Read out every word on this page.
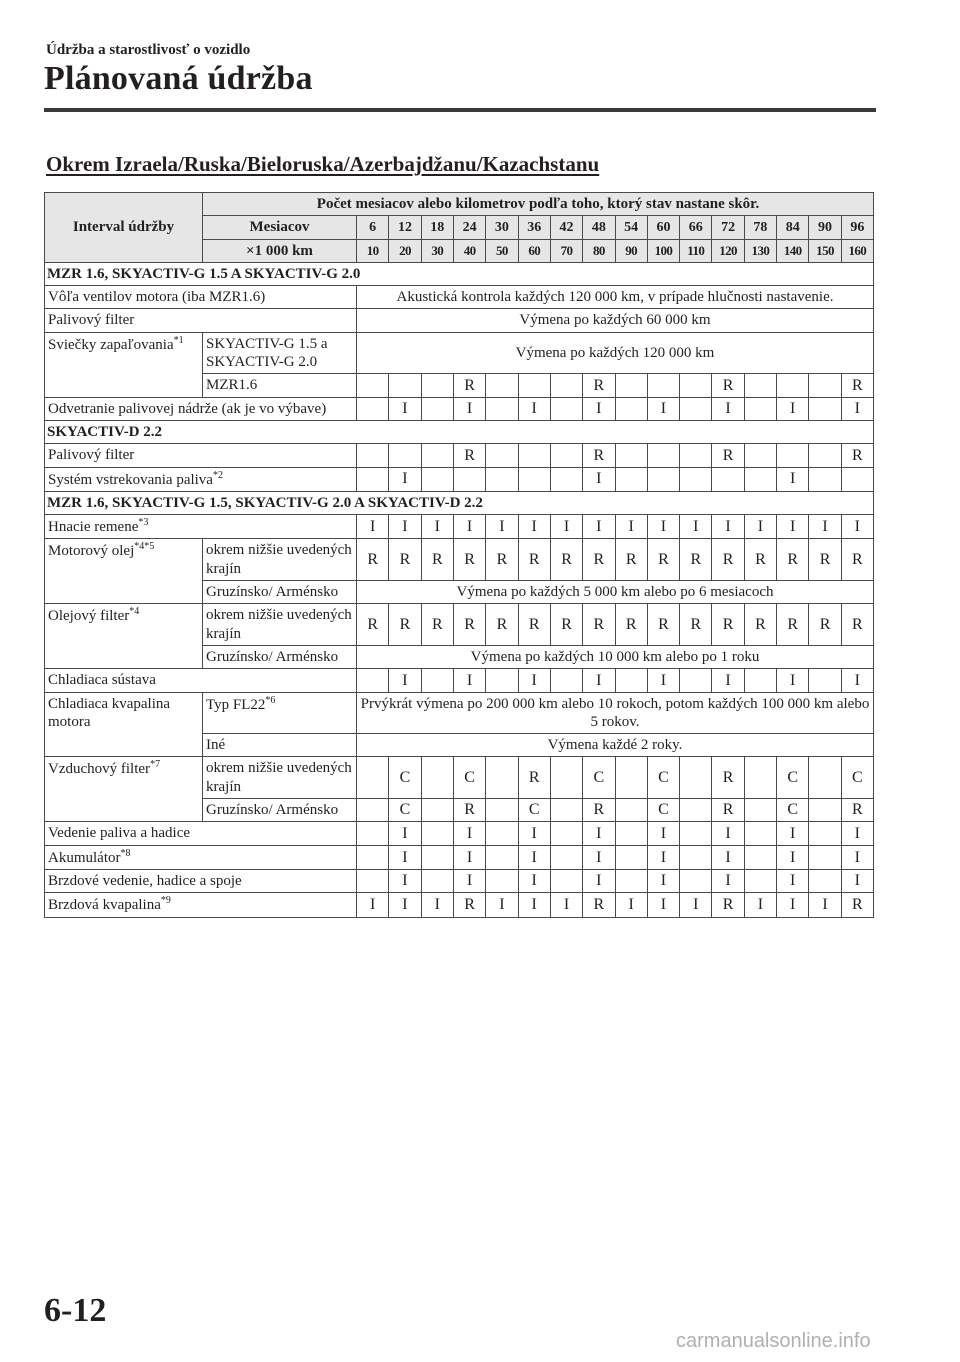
Údržba a starostlivosť o vozidlo
Plánovaná údržba
Okrem Izraela/Ruska/Bieloruska/Azerbajdžanu/Kazachstanu
Interval údržby	Počet mesiacov alebo kilometrov podľa toho, ktorý stav nastane skôr.																
	Mesiacov	6	12	18	24	30	36	42	48	54	60	66	72	78	84	90	96
	×1 000 km	10	20	30	40	50	60	70	80	90	100	110	120	130	140	150	160
MZR 1.6, SKYACTIV-G 1.5 A SKYACTIV-G 2.0																	
Vôľa ventilov motora (iba MZR1.6)		Akustická kontrola každých 120 000 km, v prípade hlučnosti nastavenie.															
Palivový filter		Výmena po každých 60 000 km															
Sviečky zapaľovania$^{*1}$	SKYACTIV-G 1.5 a SKYACTIV-G 2.0	Výmena po každých 120 000 km															
	MZR1.6				R				R				R				R
Odvetranie palivovej nádrže (ak je vo výbave)			I		I		I		I		I		I		I		I
SKYACTIV-D 2.2																	
Palivový filter					R				R				R				R
Systém vstrekovania paliva$^{*2}$			I						I						I		
MZR 1.6, SKYACTIV-G 1.5, SKYACTIV-G 2.0 A SKYACTIV-D 2.2																	
Hnacie remene$^{*3}$		I	I	I	I	I	I	I	I	I	I	I	I	I	I	I	I
Motorový olej$^{*4*5}$	okrem nižšie uvedených krajín	R	R	R	R	R	R	R	R	R	R	R	R	R	R	R	R
	Gruzínsko/ Arménsko	Výmena po každých 5 000 km alebo po 6 mesiacoch															
Olejový filter$^{*4}$	okrem nižšie uvedených krajín	R	R	R	R	R	R	R	R	R	R	R	R	R	R	R	R
	Gruzínsko/ Arménsko	Výmena po každých 10 000 km alebo po 1 roku															
Chladiaca sústava			I		I		I		I		I		I		I		I
Chladiaca kvapalina motora	Typ FL22$^{*6}$	Prvýkrát výmena po 200 000 km alebo 10 rokoch, potom každých 100 000 km alebo 5 rokov.															
	Iné	Výmena každé 2 roky.															
Vzduchový filter$^{*7}$	okrem nižšie uvedených krajín		C		C		R		C		C		R		C		C
	Gruzínsko/ Arménsko		C		R		C		R		C		R		C		R
Vedenie paliva a hadice			I		I		I		I		I		I		I		I
Akumulátor$^{*8}$			I		I		I		I		I		I		I		I
Brzdové vedenie, hadice a spoje			I		I		I		I		I		I		I		I
Brzdová kvapalina$^{*9}$		I	I	I	R	I	I	I	R	I	I	I	R	I	I	I	R
6-12
carmanualsonline.info
